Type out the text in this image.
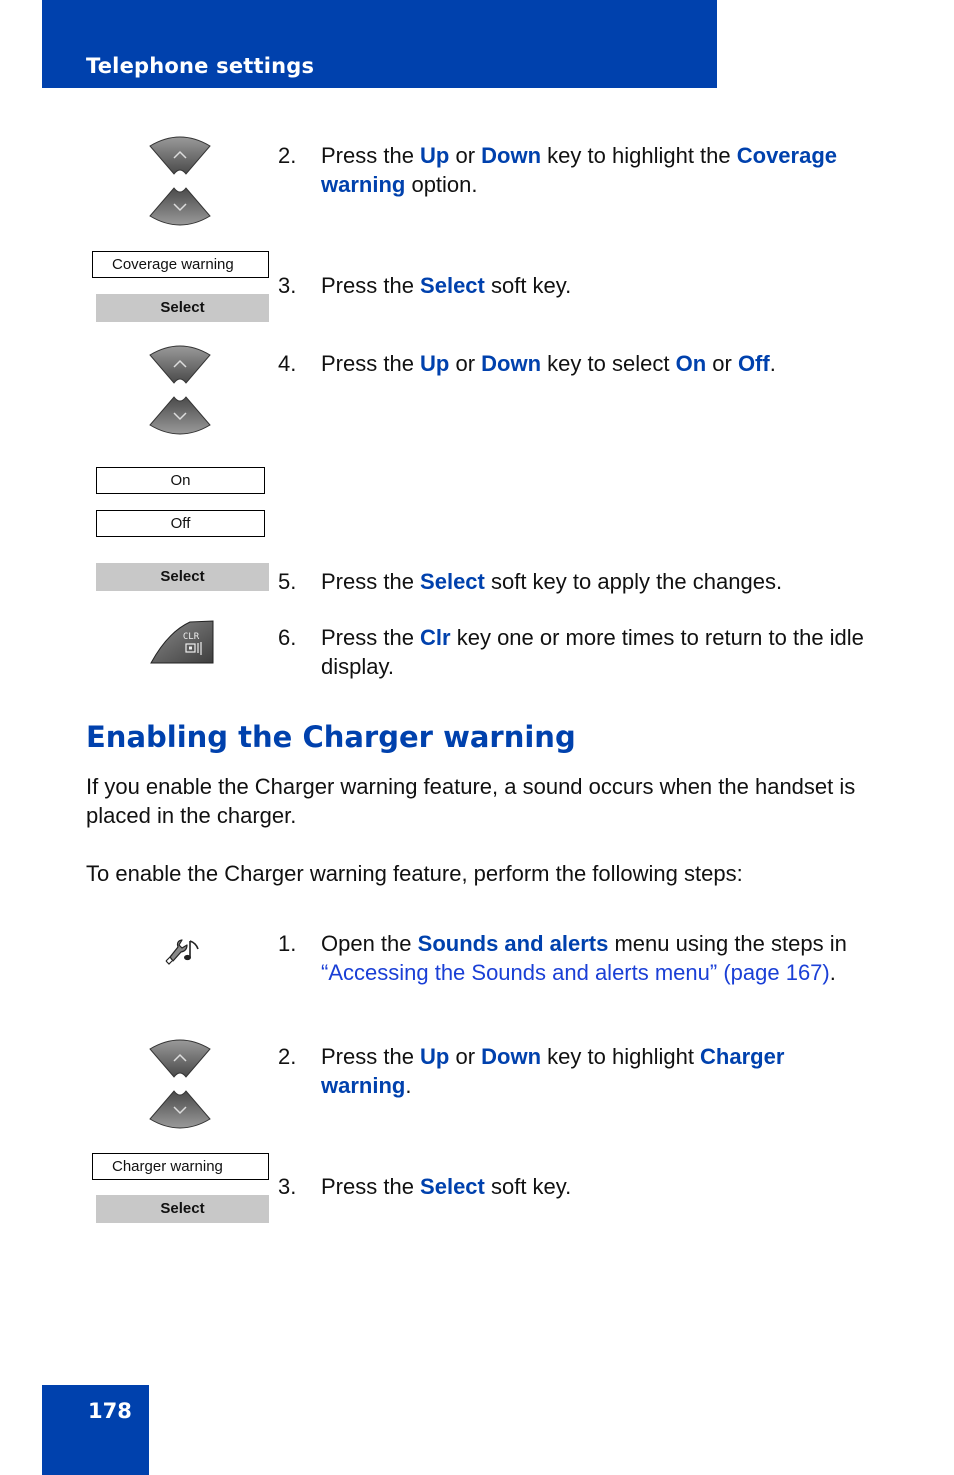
Telephone settings
Coverage warning
Select
On
Off
Select
CLR
2. Press the Up or Down key to highlight the Coverage warning option.
3. Press the Select soft key.
4. Press the Up or Down key to select On or Off.
5. Press the Select soft key to apply the changes.
6. Press the Clr key one or more times to return to the idle display.
Enabling the Charger warning
If you enable the Charger warning feature, a sound occurs when the handset is placed in the charger.
To enable the Charger warning feature, perform the following steps:
Charger warning
Select
1. Open the Sounds and alerts menu using the steps in “Accessing the Sounds and alerts menu” (page 167).
2. Press the Up or Down key to highlight Charger warning.
3. Press the Select soft key.
178
